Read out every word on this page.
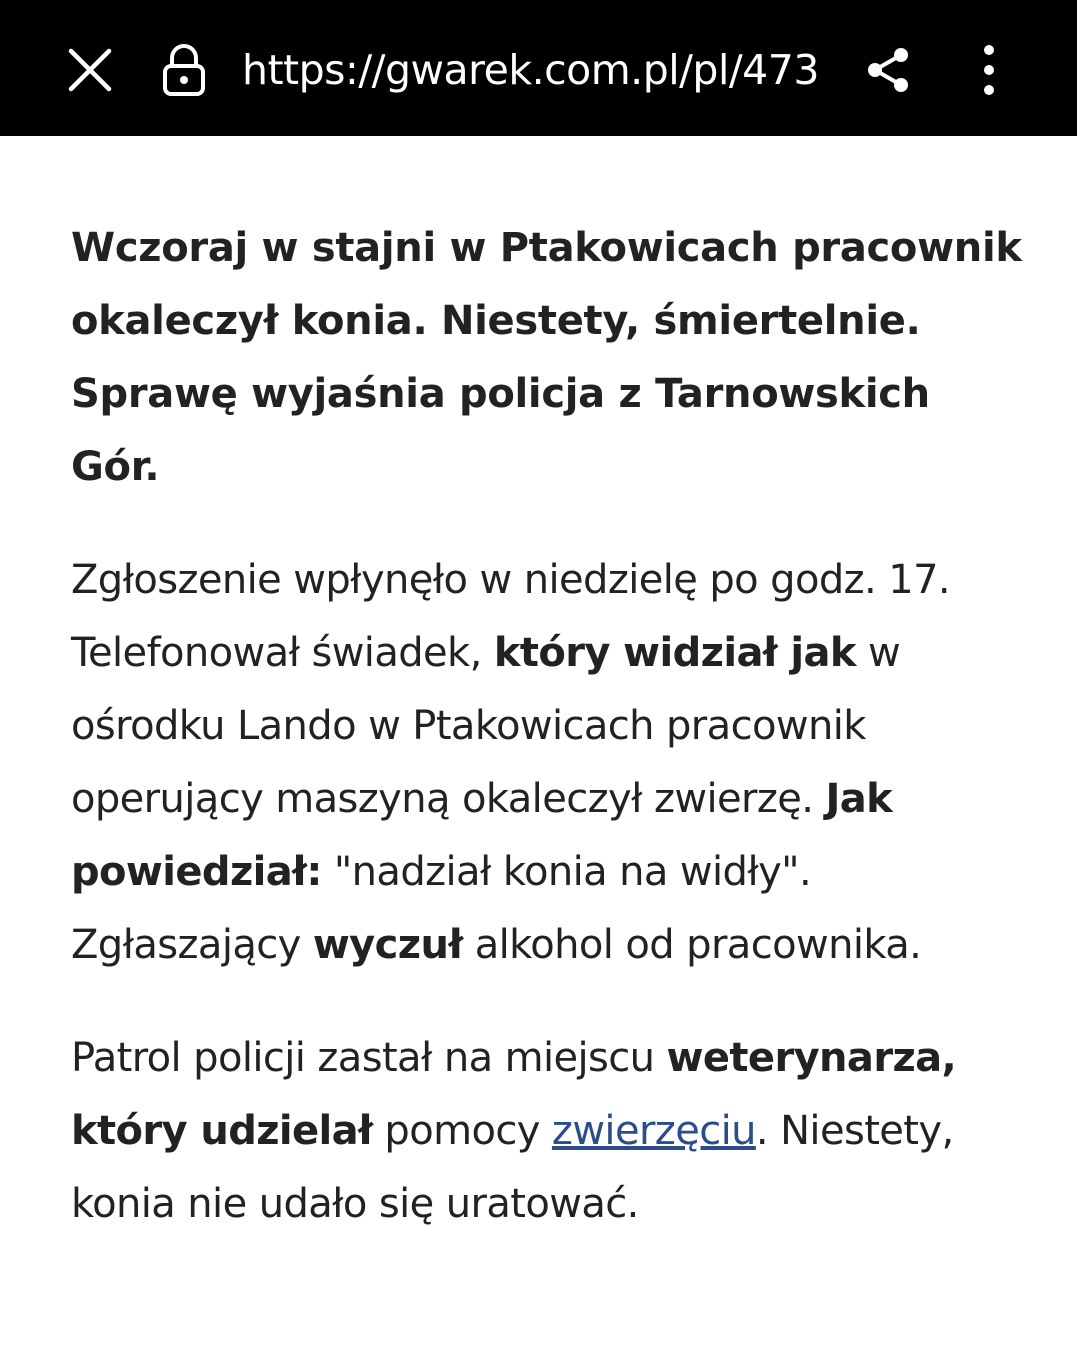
https://gwarek.com.pl/pl/473

Wczoraj w stajni w Ptakowicach pracownik okaleczył konia. Niestety, śmiertelnie. Sprawę wyjaśnia policja z Tarnowskich Gór.

Zgłoszenie wpłynęło w niedzielę po godz. 17. Telefonował świadek, który widział jak w ośrodku Lando w Ptakowicach pracownik operujący maszyną okaleczył zwierzę. Jak powiedział: "nadział konia na widły". Zgłaszający wyczuł alkohol od pracownika.

Patrol policji zastał na miejscu weterynarza, który udzielał pomocy zwierzęciu. Niestety, konia nie udało się uratować.
